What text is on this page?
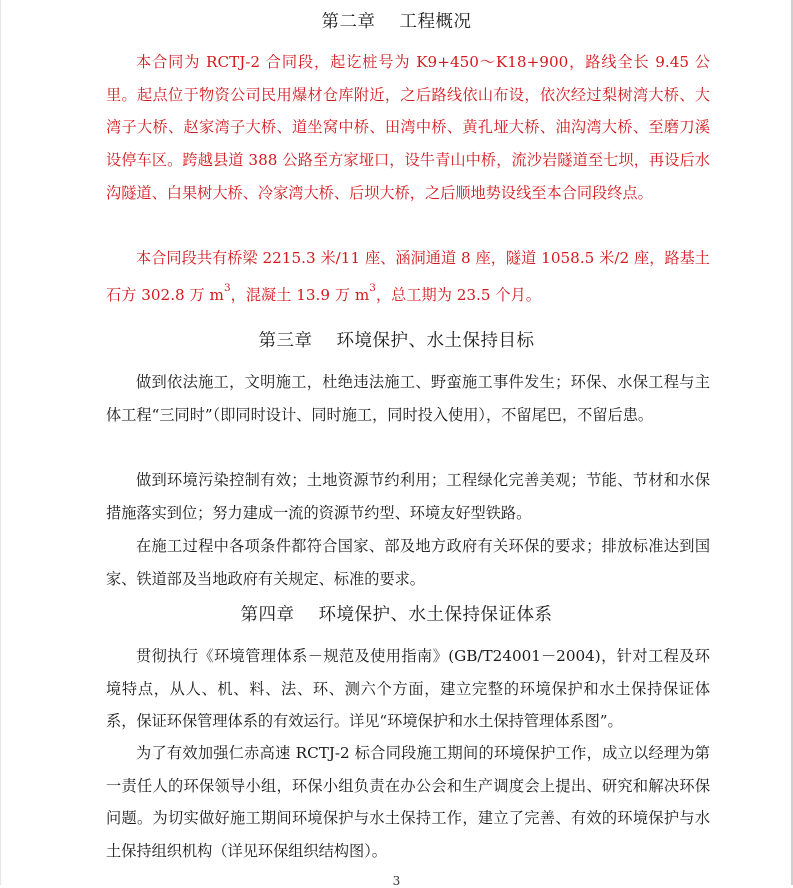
第二章　 工程概况

本合同为 RCTJ-2 合同段，起讫桩号为 K9+450～K18+900，路线全长 9.45 公里。起点位于物资公司民用爆材仓库附近，之后路线依山布设，依次经过梨树湾大桥、大湾子大桥、赵家湾子大桥、道坐窝中桥、田湾中桥、黄孔垭大桥、油沟湾大桥、至磨刀溪设停车区。跨越县道 388 公路至方家垭口，设牛青山中桥，流沙岩隧道至七坝，再设后水沟隧道、白果树大桥、冷家湾大桥、后坝大桥，之后顺地势设线至本合同段终点。

本合同段共有桥梁 2215.3 米/11 座、涵洞通道 8 座，隧道 1058.5 米/2 座，路基土石方 302.8 万 $m^3$，混凝土 13.9 万 $m^3$，总工期为 23.5 个月。

第三章　 环境保护、水土保持目标

做到依法施工，文明施工，杜绝违法施工、野蛮施工事件发生；环保、水保工程与主体工程“三同时”（即同时设计、同时施工，同时投入使用），不留尾巴，不留后患。

做到环境污染控制有效；土地资源节约利用；工程绿化完善美观；节能、节材和水保措施落实到位；努力建成一流的资源节约型、环境友好型铁路。

在施工过程中各项条件都符合国家、部及地方政府有关环保的要求；排放标准达到国家、铁道部及当地政府有关规定、标准的要求。

第四章　 环境保护、水土保持保证体系

贯彻执行《环境管理体系－规范及使用指南》(GB/T24001－2004)，针对工程及环境特点，从人、机、料、法、环、测六个方面，建立完整的环境保护和水土保持保证体系，保证环保管理体系的有效运行。详见“环境保护和水土保持管理体系图”。

为了有效加强仁赤高速 RCTJ-2 标合同段施工期间的环境保护工作，成立以经理为第一责任人的环保领导小组，环保小组负责在办公会和生产调度会上提出、研究和解决环保问题。为切实做好施工期间环境保护与水土保持工作，建立了完善、有效的环境保护与水土保持组织机构（详见环保组织结构图）。

3
